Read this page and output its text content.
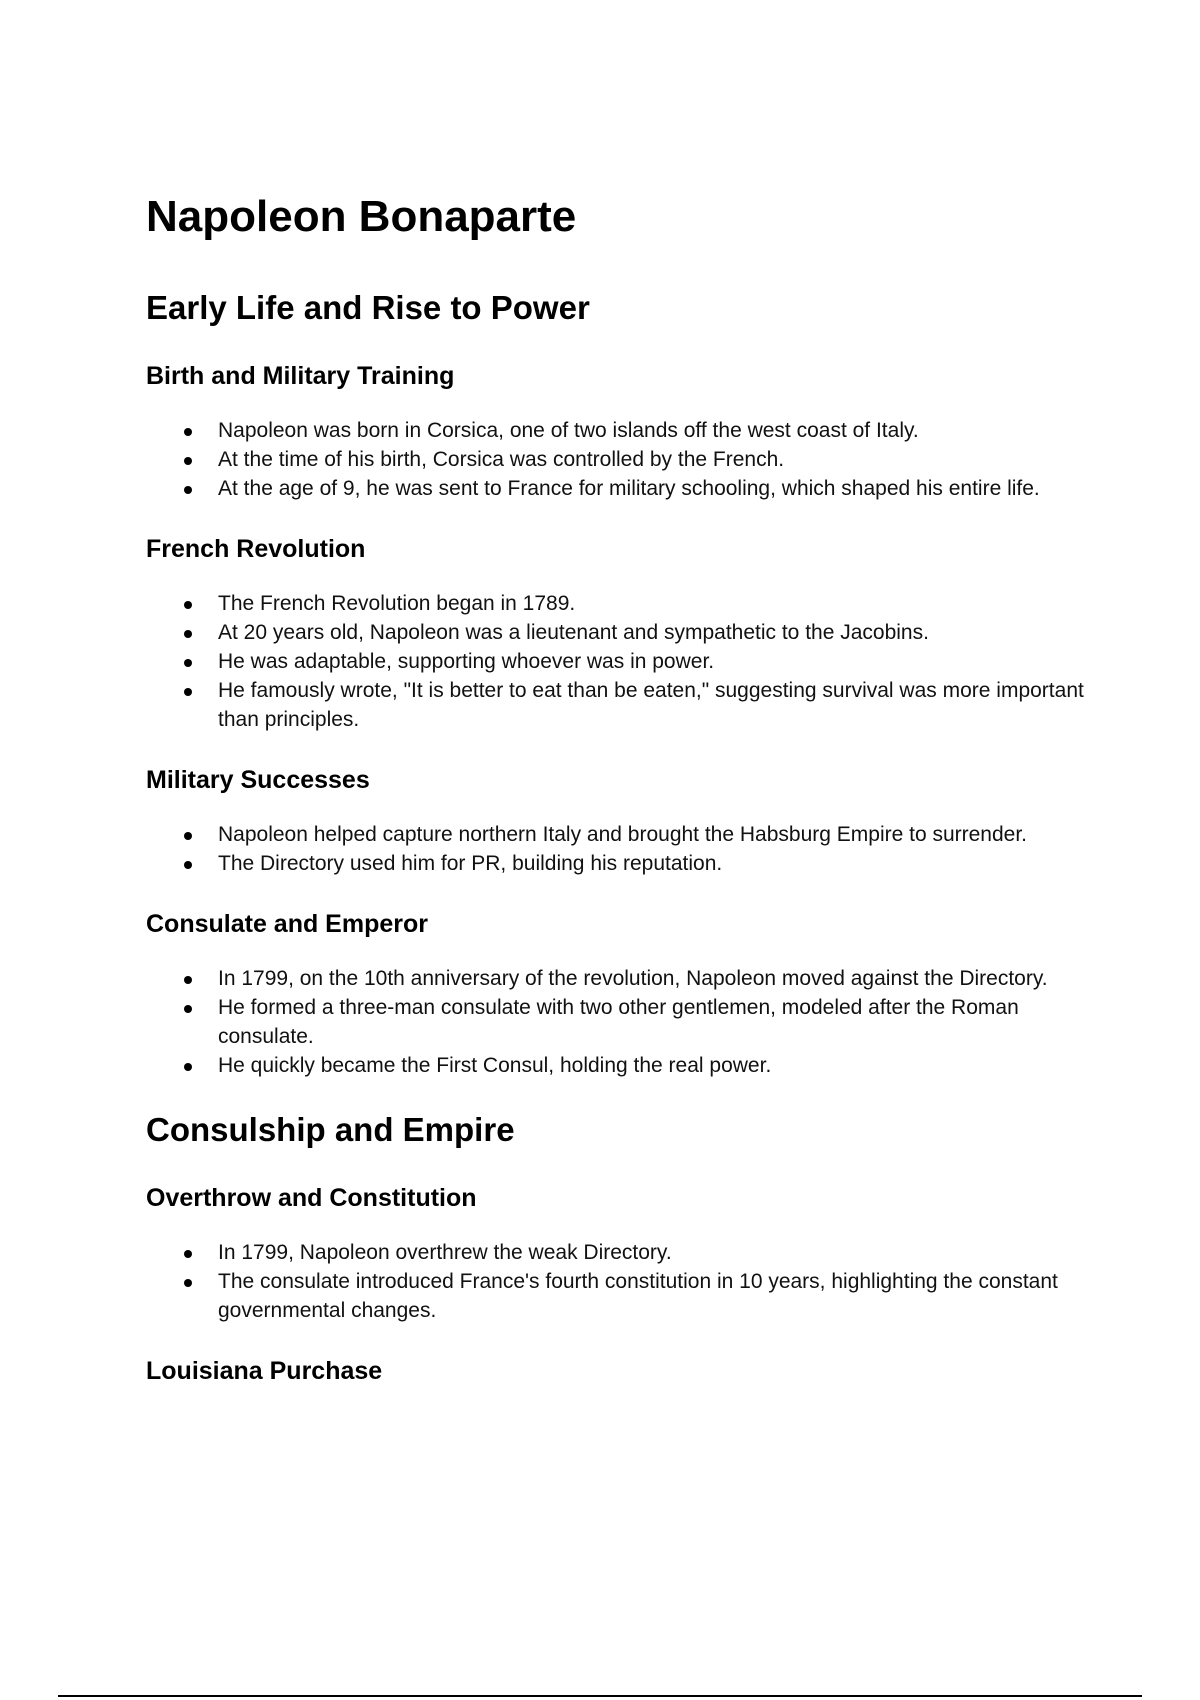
Napoleon Bonaparte
Early Life and Rise to Power
Birth and Military Training
Napoleon was born in Corsica, one of two islands off the west coast of Italy.
At the time of his birth, Corsica was controlled by the French.
At the age of 9, he was sent to France for military schooling, which shaped his entire life.
French Revolution
The French Revolution began in 1789.
At 20 years old, Napoleon was a lieutenant and sympathetic to the Jacobins.
He was adaptable, supporting whoever was in power.
He famously wrote, "It is better to eat than be eaten," suggesting survival was more important than principles.
Military Successes
Napoleon helped capture northern Italy and brought the Habsburg Empire to surrender.
The Directory used him for PR, building his reputation.
Consulate and Emperor
In 1799, on the 10th anniversary of the revolution, Napoleon moved against the Directory.
He formed a three-man consulate with two other gentlemen, modeled after the Roman consulate.
He quickly became the First Consul, holding the real power.
Consulship and Empire
Overthrow and Constitution
In 1799, Napoleon overthrew the weak Directory.
The consulate introduced France's fourth constitution in 10 years, highlighting the constant governmental changes.
Louisiana Purchase
